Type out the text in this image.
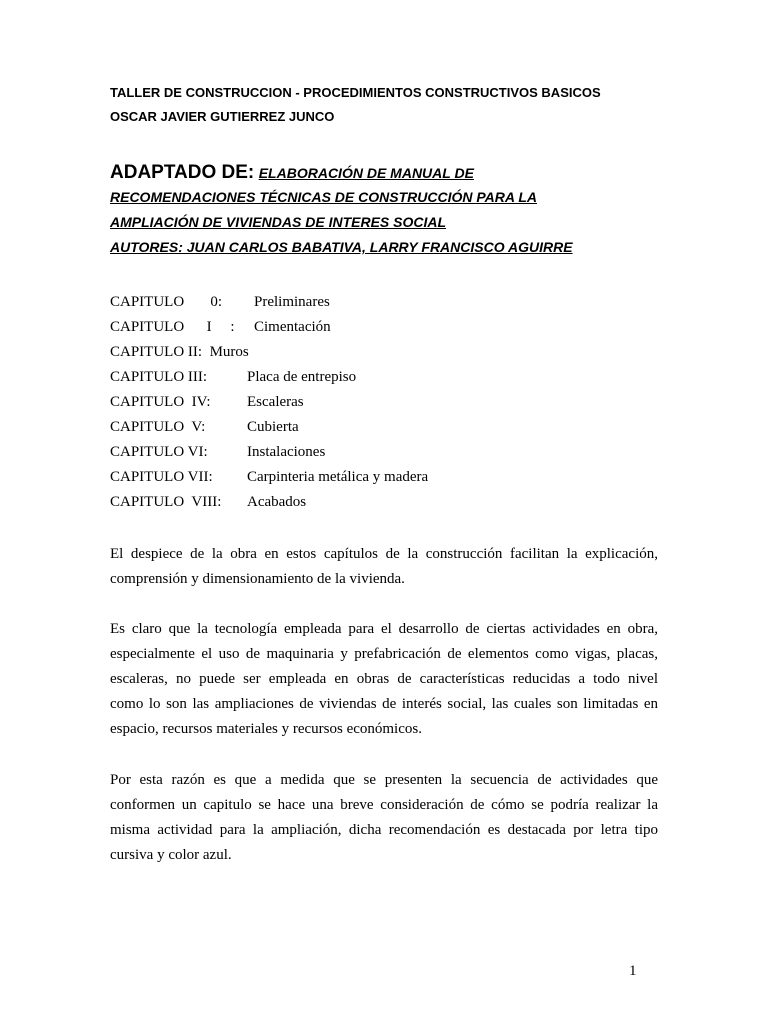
TALLER DE CONSTRUCCION - PROCEDIMIENTOS CONSTRUCTIVOS BASICOS
OSCAR JAVIER GUTIERREZ JUNCO
ADAPTADO DE: ELABORACIÓN DE MANUAL DE
RECOMENDACIONES TÉCNICAS DE CONSTRUCCIÓN PARA LA
AMPLIACIÓN DE VIVIENDAS DE INTERES SOCIAL
AUTORES: JUAN CARLOS BABATIVA, LARRY FRANCISCO AGUIRRE
CAPITULO       0: Preliminares
CAPITULO      I     : Cimentación
CAPITULO II:  Muros
CAPITULO III:	Placa de entrepiso
CAPITULO  IV: Escaleras
CAPITULO  V:	Cubierta
CAPITULO VI:	Instalaciones
CAPITULO VII: Carpinteria metálica y madera
CAPITULO  VIII: Acabados
El despiece de la obra en estos capítulos de la construcción facilitan la explicación,
comprensión y dimensionamiento de la vivienda.
Es claro que la tecnología empleada para el desarrollo de ciertas actividades en obra,
especialmente el uso de maquinaria y prefabricación de elementos como vigas, placas,
escaleras, no puede ser empleada en obras de características reducidas a todo nivel
como lo son las ampliaciones de viviendas de interés social, las cuales son limitadas en
espacio, recursos materiales y recursos económicos.
Por esta razón es que a medida que se presenten la secuencia de actividades que
conformen un capitulo se hace una breve consideración de cómo se podría realizar la
misma actividad para la ampliación, dicha recomendación es destacada por letra tipo
cursiva y color azul.
1
